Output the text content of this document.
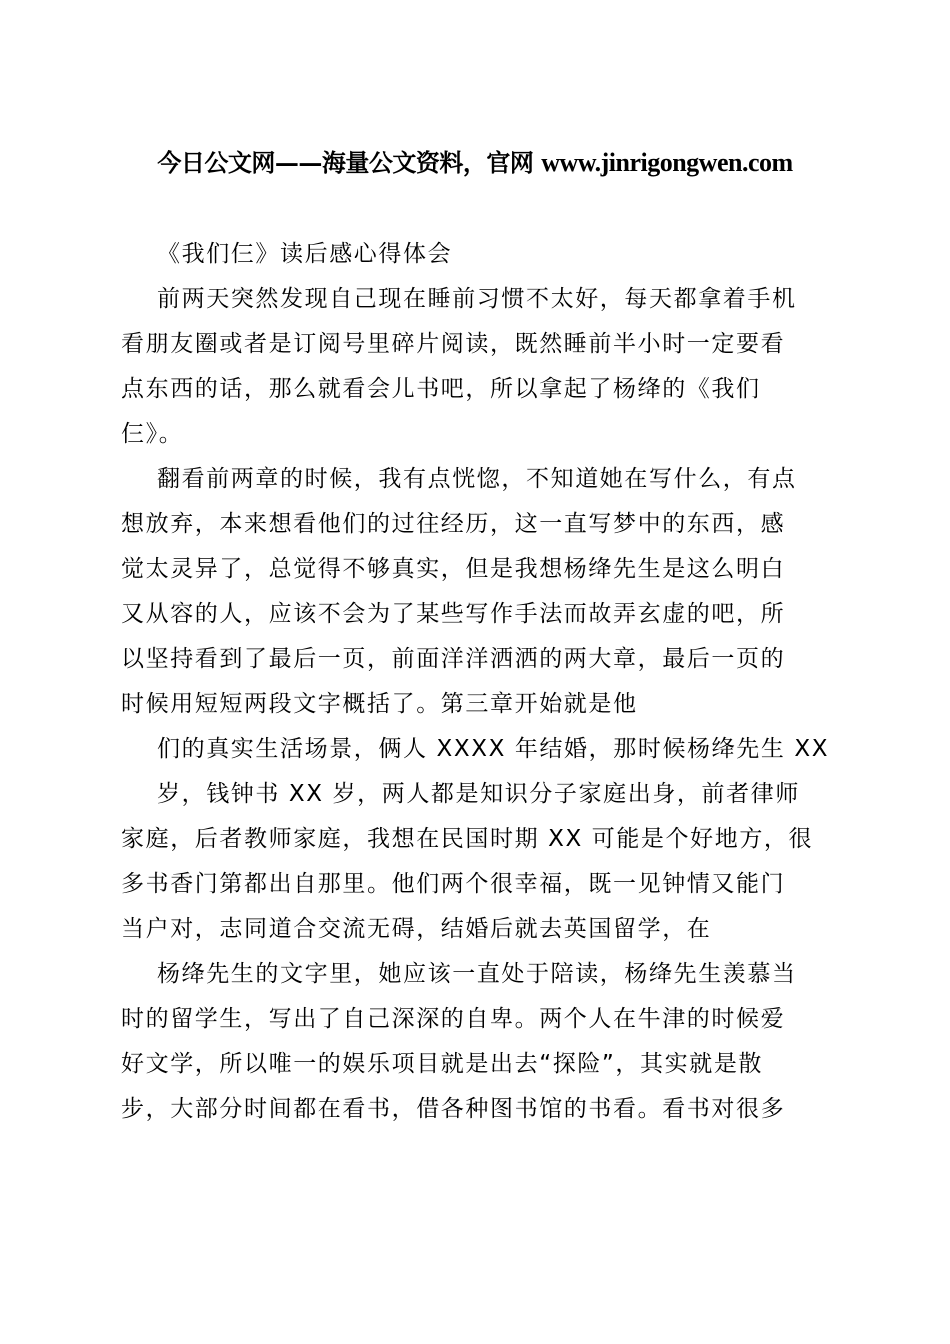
今日公文网——海量公文资料，官网 www.jinrigongwen.com
《我们仨》读后感心得体会
前两天突然发现自己现在睡前习惯不太好，每天都拿着手机
看朋友圈或者是订阅号里碎片阅读，既然睡前半小时一定要看
点东西的话，那么就看会儿书吧，所以拿起了杨绛的《我们
仨》。
翻看前两章的时候，我有点恍惚，不知道她在写什么，有点
想放弃，本来想看他们的过往经历，这一直写梦中的东西，感
觉太灵异了，总觉得不够真实，但是我想杨绛先生是这么明白
又从容的人，应该不会为了某些写作手法而故弄玄虚的吧，所
以坚持看到了最后一页，前面洋洋洒洒的两大章，最后一页的
时候用短短两段文字概括了。第三章开始就是他
们的真实生活场景，俩人 XXXX 年结婚，那时候杨绛先生 XX
岁，钱钟书 XX 岁，两人都是知识分子家庭出身，前者律师
家庭，后者教师家庭，我想在民国时期 XX 可能是个好地方，很
多书香门第都出自那里。他们两个很幸福，既一见钟情又能门
当户对，志同道合交流无碍，结婚后就去英国留学，在
杨绛先生的文字里，她应该一直处于陪读，杨绛先生羡慕当
时的留学生，写出了自己深深的自卑。两个人在牛津的时候爱
好文学，所以唯一的娱乐项目就是出去“探险”，其实就是散
步，大部分时间都在看书，借各种图书馆的书看。看书对很多
